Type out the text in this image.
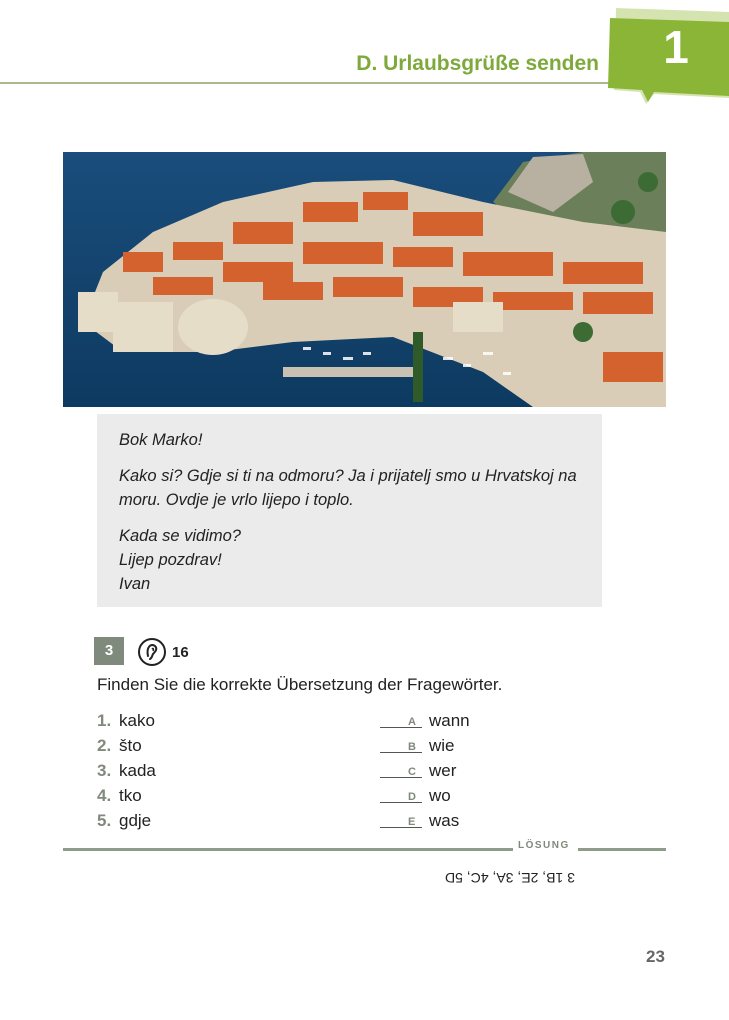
D. Urlaubsgrüße senden	1

Bok Marko!

Kako si? Gdje si ti na odmoru? Ja i prijatelj smo u Hrvatskoj na moru. Ovdje je vrlo lijepo i toplo.

Kada se vidimo?

Lijep pozdrav!

Ivan

3	16
Finden Sie die korrekte Übersetzung der Fragewörter.
1. kako
2. što
3. kada
4. tko
5. gdje
A wann
B wie
C wer
D wo
E was
LÖSUNG
3 1B, 2E, 3A, 4C, 5D
23
